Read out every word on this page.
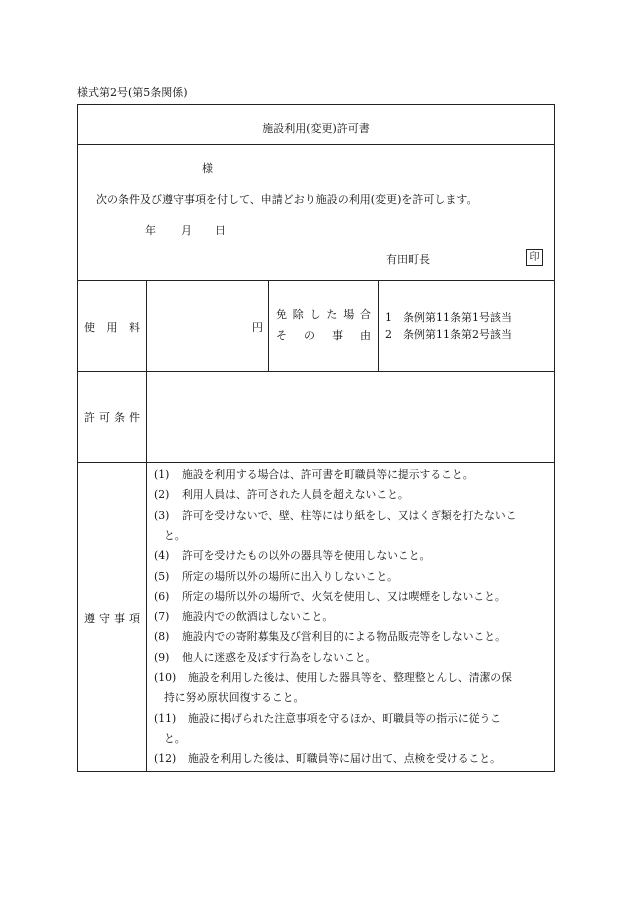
様式第2号(第5条関係)
施設利用(変更)許可書
様
次の条件及び遵守事項を付して、申請どおり施設の利用(変更)を許可します。
年 月 日
有田町長	印
使 用 料	円
免 除 し た 場 合
そ の 事 由
1　条例第11条第1号該当
2　条例第11条第2号該当
許 可 条 件
遵 守 事 項
(1) 施設を利用する場合は、許可書を町職員等に提示すること。
(2) 利用人員は、許可された人員を超えないこと。
(3) 許可を受けないで、壁、柱等にはり紙をし、又はくぎ類を打たないこ
と。
(4) 許可を受けたもの以外の器具等を使用しないこと。
(5) 所定の場所以外の場所に出入りしないこと。
(6) 所定の場所以外の場所で、火気を使用し、又は喫煙をしないこと。
(7) 施設内での飲酒はしないこと。
(8) 施設内での寄附募集及び営利目的による物品販売等をしないこと。
(9) 他人に迷惑を及ぼす行為をしないこと。
(10) 施設を利用した後は、使用した器具等を、整理整とんし、清潔の保
持に努め原状回復すること。
(11) 施設に掲げられた注意事項を守るほか、町職員等の指示に従うこ
と。
(12) 施設を利用した後は、町職員等に届け出て、点検を受けること。
